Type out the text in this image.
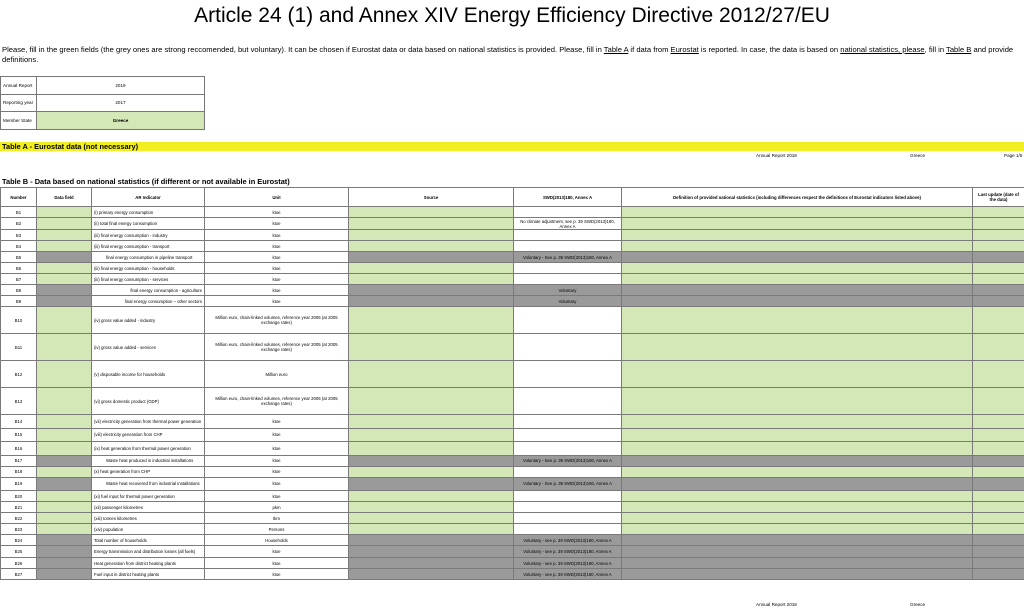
Article 24 (1) and Annex XIV Energy Efficiency Directive 2012/27/EU
Please, fill in the green fields (the grey ones are strong reccomended, but voluntary). It can be chosen if Eurostat data or data based on national statistics is provided. Please, fill in Table A if data from Eurostat is reported. In case, the data is based on national statistics, please, fill in Table B and provide definitions.
Annual Report	2019
Reporting year	2017
Member State	Greece
Table A - Eurostat data (not necessary)
Annual Report 2018	Greece	Page 1/5
Table B - Data based on national statistics (if different or not available in Eurostat)
Number	Data field	AR Indicator	Unit	Source	SWD(2013)180, Annex A	Definition of provided national statistics (including differences respect the definitions of Eurostat indicators listed above)	Last update (date of the data)
B1		(i) primary energy consumption	ktoe				
B2		(ii) total final energy consumption	ktoe		No climate adjustment, see p. 39 SWD(2013)180, Annex A		
B3		(iii) final energy consumption - industry	ktoe				
B4		(iii) final energy consumption - transport	ktoe				
B5		final energy consumption in pipeline transport	ktoe		Voluntary - See p. 39 SWD(2013)180, Annex A		
B6		(iii) final energy consumption - households	ktoe				
B7		(iii) final energy consumption - services	ktoe				
B8		final energy consumption - agriculture	ktoe		Voluntary		
B9		final energy consumption – other sectors	ktoe		Voluntary		
B10		(iv) gross value added - industry	Million euro, chain-linked volumes, reference year 2005 (at 2005 exchange rates)				
B11		(iv) gross value added - services	Million euro, chain-linked volumes, reference year 2005 (at 2005 exchange rates)				
B12		(v) disposable income for households	Million euro				
B13		(vi) gross domestic product (GDP)	Million euro, chain-linked volumes, reference year 2005 (at 2005 exchange rates)				
B14		(vii) electricity generation from thermal power generation	ktoe				
B15		(viii) electricity generation from CHP	ktoe				
B16		(ix) heat generation from thermal power generation	ktoe				
B17		Waste heat produced in industrial installations	ktoe		Voluntary - See p. 39 SWD(2013)180, Annex A		
B18		(x) heat generation from CHP	ktoe				
B19		Waste heat recovered from industrial installations	ktoe		Voluntary - See p. 39 SWD(2013)180, Annex A		
B20		(xi) fuel input for thermal power generation	ktoe				
B21		(xii) passenger kilometres	pkm				
B22		(xiii) tonnes kilometres	tkm				
B23		(xiv) population	Persons				
B24		Total number of households	Households		Voluntary - see p. 39 SWD(2013)180, Annex A		
B25		Energy transmission and distribution losses (all fuels)	ktoe		Voluntary - see p. 39 SWD(2013)180, Annex A		
B26		Heat generation from district heating plants	ktoe		Voluntary - see p. 39 SWD(2013)180, Annex A		
B27		Fuel input in district heating plants	ktoe		Voluntary - see p. 39 SWD(2013)180, Annex A		
Annual Report 2018	Greece
